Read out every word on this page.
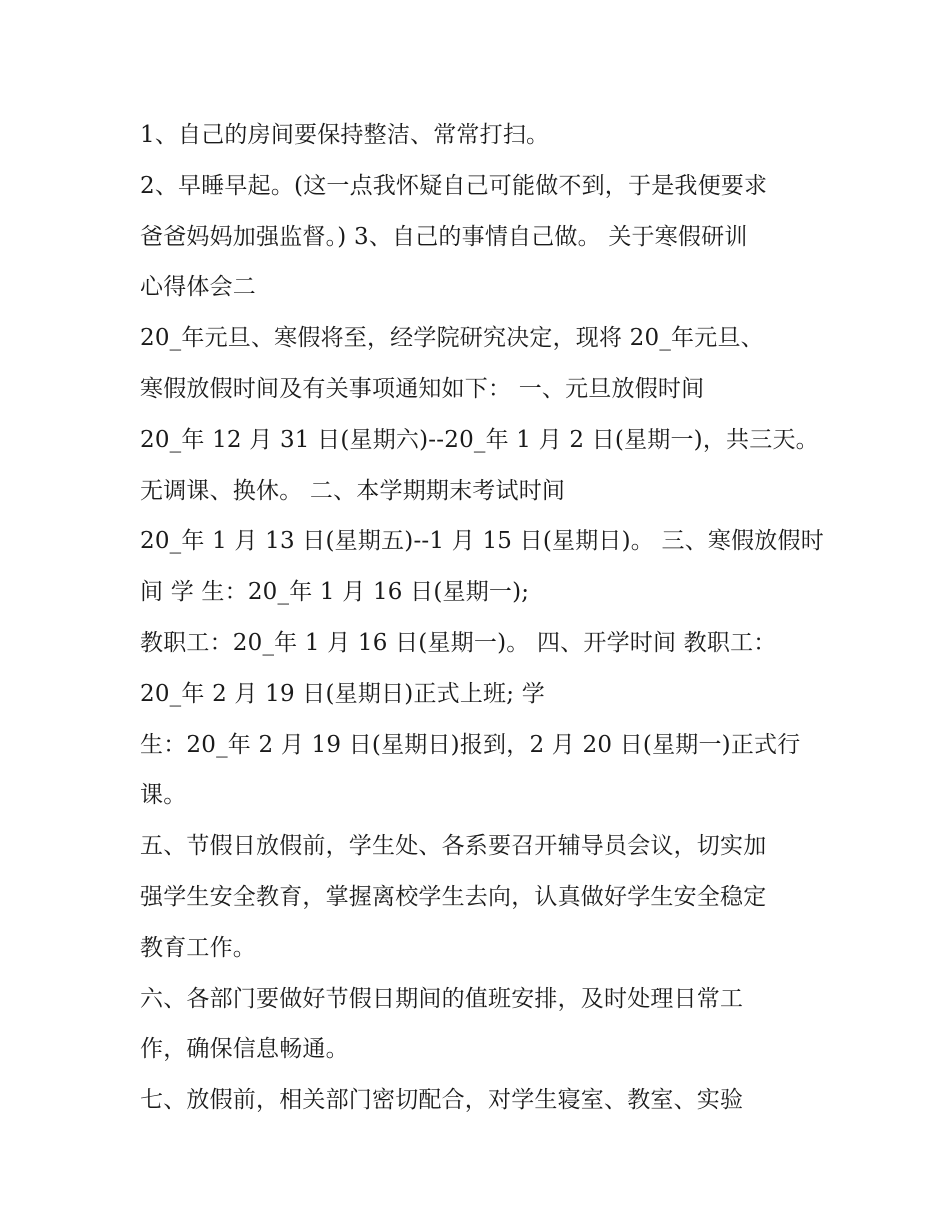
1、自己的房间要保持整洁、常常打扫。
2、早睡早起。(这一点我怀疑自己可能做不到，于是我便要求
爸爸妈妈加强监督。) 3、自己的事情自己做。 关于寒假研训
心得体会二
20_年元旦、寒假将至，经学院研究决定，现将 20_年元旦、
寒假放假时间及有关事项通知如下： 一、元旦放假时间
20_年 12 月 31 日(星期六)--20_年 1 月 2 日(星期一)，共三天。
无调课、换休。 二、本学期期末考试时间
20_年 1 月 13 日(星期五)--1 月 15 日(星期日)。 三、寒假放假时
间 学 生：20_年 1 月 16 日(星期一);
教职工：20_年 1 月 16 日(星期一)。 四、开学时间 教职工：
20_年 2 月 19 日(星期日)正式上班; 学
生：20_年 2 月 19 日(星期日)报到，2 月 20 日(星期一)正式行
课。
五、节假日放假前，学生处、各系要召开辅导员会议，切实加
强学生安全教育，掌握离校学生去向，认真做好学生安全稳定
教育工作。
六、各部门要做好节假日期间的值班安排，及时处理日常工
作，确保信息畅通。
七、放假前，相关部门密切配合，对学生寝室、教室、实验
